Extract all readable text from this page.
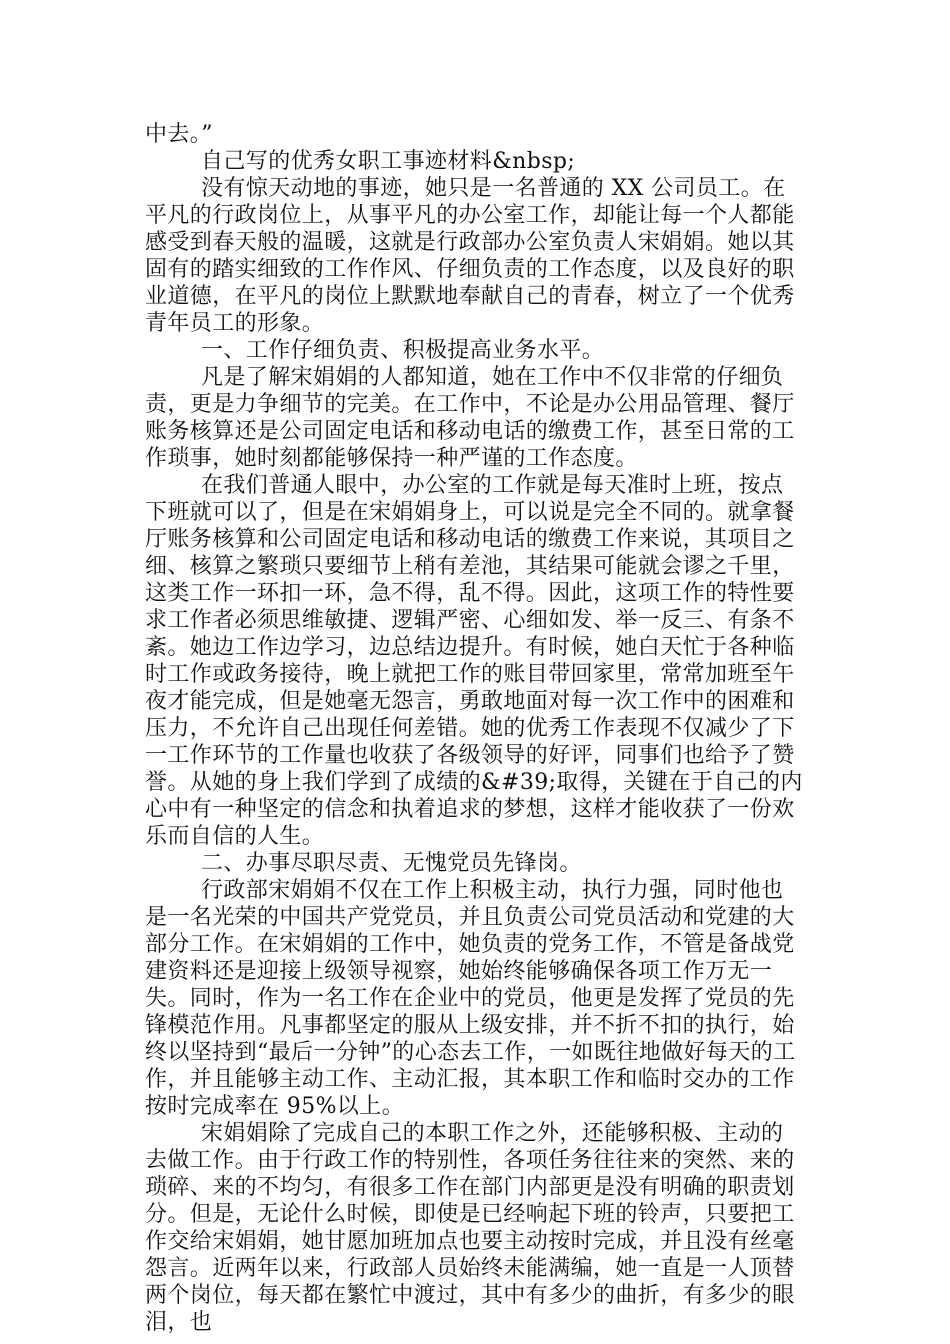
中去。”

自己写的优秀女职工事迹材料&nbsp;

没有惊天动地的事迹，她只是一名普通的 XX 公司员工。在平凡的行政岗位上，从事平凡的办公室工作，却能让每一个人都能感受到春天般的温暖，这就是行政部办公室负责人宋娟娟。她以其固有的踏实细致的工作作风、仔细负责的工作态度，以及良好的职业道德，在平凡的岗位上默默地奉献自己的青春，树立了一个优秀青年员工的形象。

一、工作仔细负责、积极提高业务水平。

凡是了解宋娟娟的人都知道，她在工作中不仅非常的仔细负责，更是力争细节的完美。在工作中，不论是办公用品管理、餐厅账务核算还是公司固定电话和移动电话的缴费工作，甚至日常的工作琐事，她时刻都能够保持一种严谨的工作态度。

在我们普通人眼中，办公室的工作就是每天准时上班，按点下班就可以了，但是在宋娟娟身上，可以说是完全不同的。就拿餐厅账务核算和公司固定电话和移动电话的缴费工作来说，其项目之细、核算之繁琐只要细节上稍有差池，其结果可能就会谬之千里，这类工作一环扣一环，急不得，乱不得。因此，这项工作的特性要求工作者必须思维敏捷、逻辑严密、心细如发、举一反三、有条不紊。她边工作边学习，边总结边提升。有时候，她白天忙于各种临时工作或政务接待，晚上就把工作的账目带回家里，常常加班至午夜才能完成，但是她毫无怨言，勇敢地面对每一次工作中的困难和压力，不允许自己出现任何差错。她的优秀工作表现不仅减少了下一工作环节的工作量也收获了各级领导的好评，同事们也给予了赞誉。从她的身上我们学到了成绩的&#39;取得，关键在于自己的内心中有一种坚定的信念和执着追求的梦想，这样才能收获了一份欢乐而自信的人生。

二、办事尽职尽责、无愧党员先锋岗。

行政部宋娟娟不仅在工作上积极主动，执行力强，同时他也是一名光荣的中国共产党党员，并且负责公司党员活动和党建的大部分工作。在宋娟娟的工作中，她负责的党务工作，不管是备战党建资料还是迎接上级领导视察，她始终能够确保各项工作万无一失。同时，作为一名工作在企业中的党员，他更是发挥了党员的先锋模范作用。凡事都坚定的服从上级安排，并不折不扣的执行，始终以坚持到“最后一分钟”的心态去工作，一如既往地做好每天的工作，并且能够主动工作、主动汇报，其本职工作和临时交办的工作按时完成率在 95%以上。

宋娟娟除了完成自己的本职工作之外，还能够积极、主动的去做工作。由于行政工作的特别性，各项任务往往来的突然、来的琐碎、来的不均匀，有很多工作在部门内部更是没有明确的职责划分。但是，无论什么时候，即使是已经响起下班的铃声，只要把工作交给宋娟娟，她甘愿加班加点也要主动按时完成，并且没有丝毫怨言。近两年以来，行政部人员始终未能满编，她一直是一人顶替两个岗位，每天都在繁忙中渡过，其中有多少的曲折，有多少的眼泪，也
